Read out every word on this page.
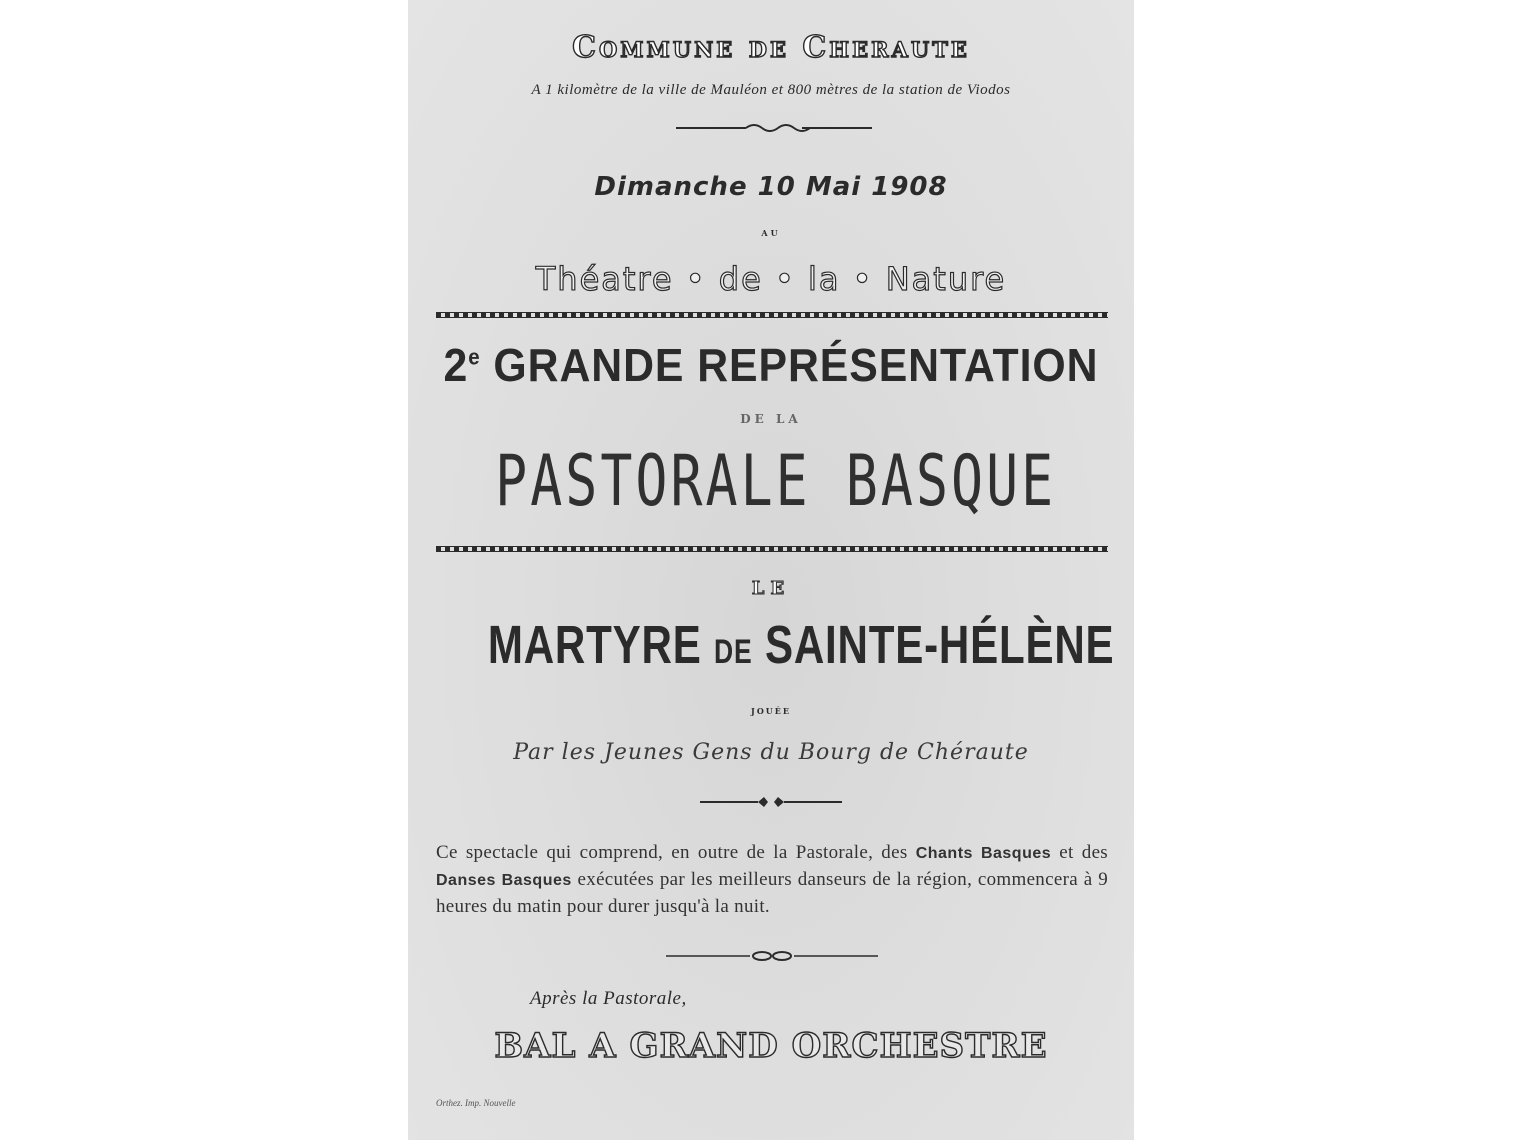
Commune de Cheraute
A 1 kilomètre de la ville de Mauléon et 800 mètres de la station de Viodos
Dimanche 10 Mai 1908
au
Théatre • de • la • Nature
2e GRANDE REPRÉSENTATION
DE LA
PASTORALE BASQUE
LE
MARTYRE DE SAINTE-HÉLÈNE
jouée
Par les Jeunes Gens du Bourg de Chéraute
Ce spectacle qui comprend, en outre de la Pastorale, des Chants Basques et des Danses Basques exécutées par les meilleurs danseurs de la région, commencera à 9 heures du matin pour durer jusqu'à la nuit.
Après la Pastorale,
BAL A GRAND ORCHESTRE
Orthez. Imp. Nouvelle
